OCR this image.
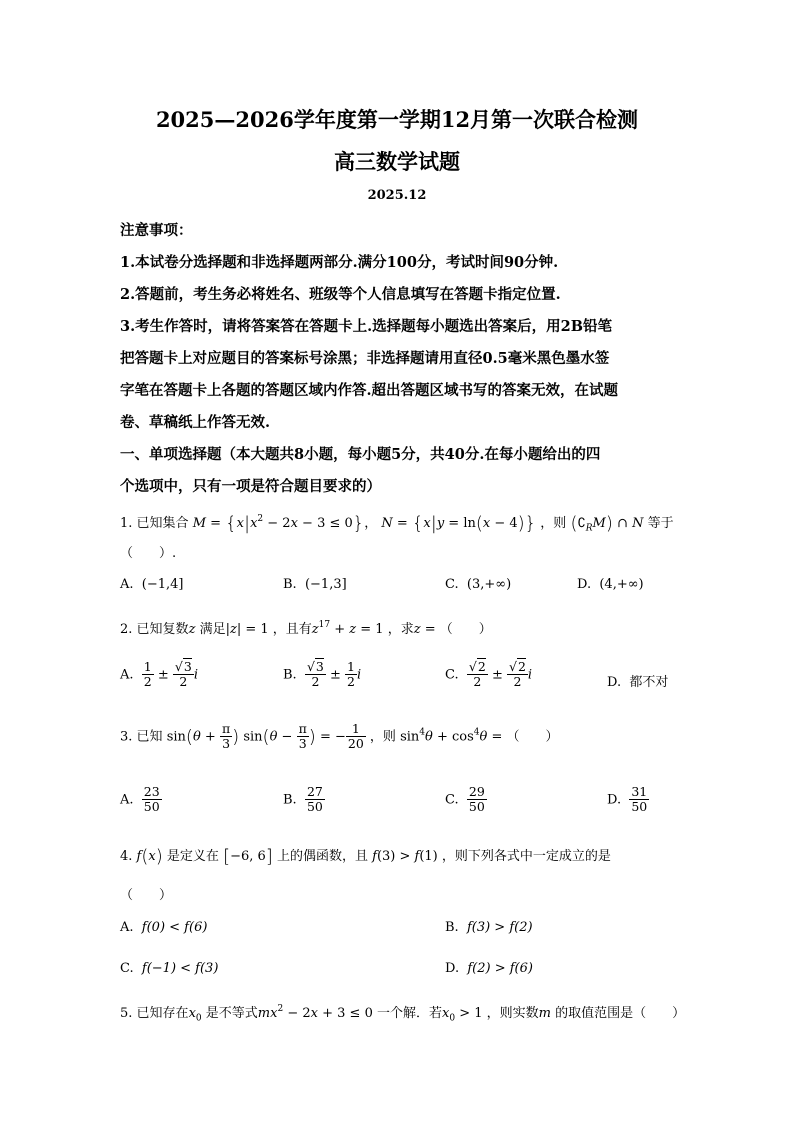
2025—2026学年度第一学期12月第一次联合检测
高三数学试题
2025.12
注意事项：
1.本试卷分选择题和非选择题两部分.满分100分，考试时间90分钟.
2.答题前，考生务必将姓名、班级等个人信息填写在答题卡指定位置.
3.考生作答时，请将答案答在答题卡上.选择题每小题选出答案后，用2B铅笔
把答题卡上对应题目的答案标号涂黑；非选择题请用直径0.5毫米黑色墨水签
字笔在答题卡上各题的答题区域内作答.超出答题区域书写的答案无效，在试题
卷、草稿纸上作答无效.
一、单项选择题（本大题共8小题，每小题5分，共40分.在每小题给出的四
个选项中，只有一项是符合题目要求的）
1. 已知集合 $M = \{x|x^2 - 2x - 3 \le 0\}$， N = {x|y = ln(x − 4)} ，则 $(∁_RM)$ ∩ N 等于
（　　）.
A. (−1,4]	B. (−1,3]	C. (3,+∞)	D. (4,+∞)
2. 已知复数z 满足|z| = 1 ，且有$z^{17} + z = 1$ ，求z = （　　）
A. $\frac{1}{2} \pm \frac{√3}{2}$ i	B. $\frac{√3}{2} \pm \frac{1}{2}$ i	C. $\frac{√2}{2} \pm \frac{√2}{2}$ i
D. 都不对
3. 已知 $\sin(\theta + \frac{\pi}{3}$ ) $\sin(\theta - \frac{\pi}{3}$ ) = − $\frac{1}{20}$ ，则 $\sin^4\theta + \cos^4\theta$ = （　　）
A. $\frac{23}{50}$	B. $\frac{27}{50}$	C. $\frac{29}{50}$	D. $\frac{31}{50}$
4. f(x) 是定义在 [−6, 6] 上的偶函数，且 f(3) > f(1) ，则下列各式中一定成立的是
（　　）
A. f(0) < f(6)	B. f(3) > f(2)
C. f(−1) < f(3)	D. f(2) > f(6)
5. 已知存在$x_0$ 是不等式$mx^2 - 2x + 3 \le 0$ 一个解．若$x_0 > 1$ ，则实数m 的取值范围是（　　）
